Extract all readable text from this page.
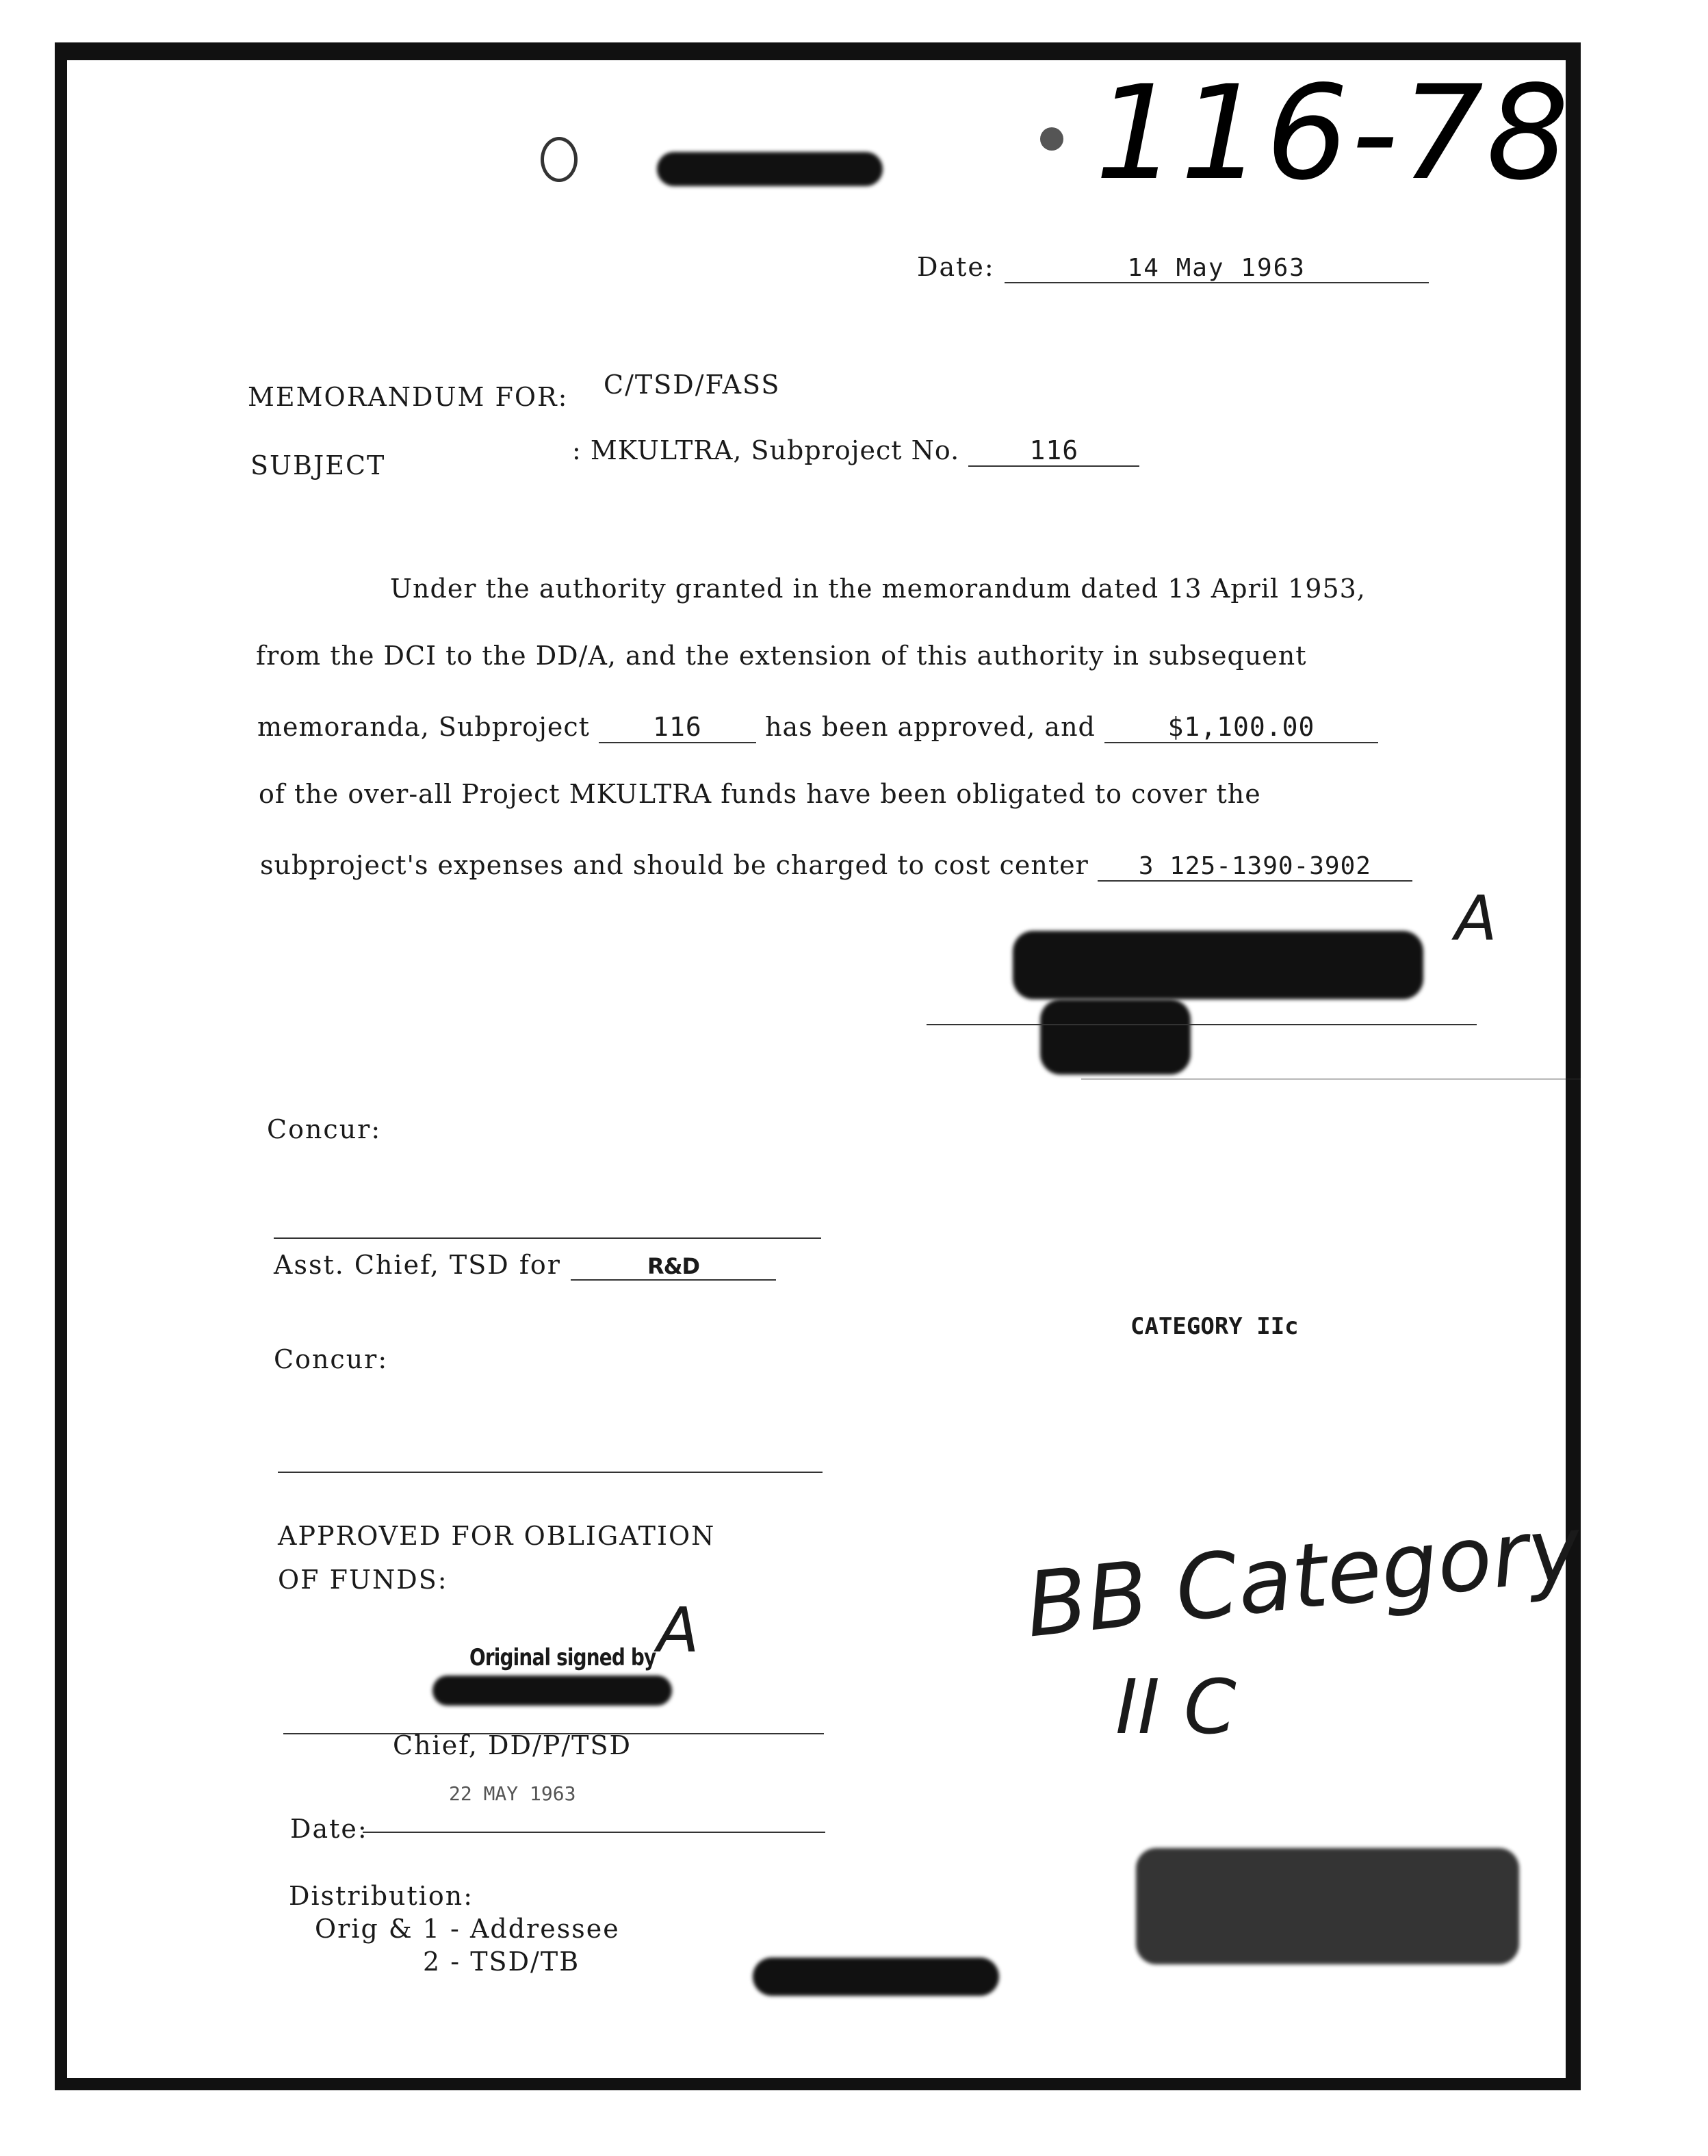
116-78
Date:	14 May 1963
MEMORANDUM FOR: C/TSD/FASS
SUBJECT	: MKULTRA, Subproject No.	116
Under the authority granted in the memorandum dated 13 April 1953,
from the DCI to the DD/A, and the extension of this authority in subsequent
memoranda, Subproject 116 has been approved, and	$1,100.00
of the over-all Project MKULTRA funds have been obligated to cover the
subproject's expenses and should be charged to cost center 3 125-1390-3902
A
Concur:
Asst. Chief, TSD for	R&D
CATEGORY IIc
Concur:
APPROVED FOR OBLIGATION
OF FUNDS:
Original signed by A	BB Category
II C
Chief, DD/P/TSD
22 MAY 1963
Date:
Distribution:
Orig & 1 - Addressee
2 - TSD/TB
